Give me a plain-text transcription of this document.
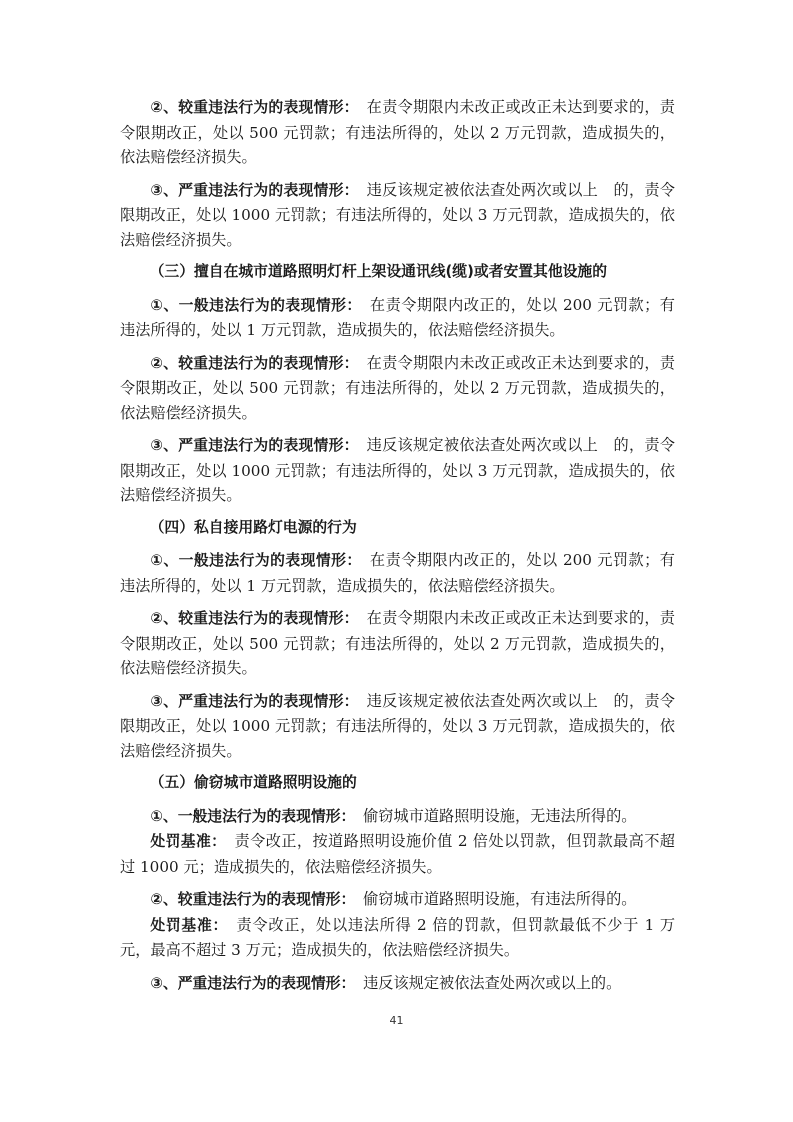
②、较重违法行为的表现情形：　在责令期限内未改正或改正未达到要求的，责令限期改正，处以 500 元罚款；有违法所得的，处以 2 万元罚款，造成损失的，依法赔偿经济损失。

③、严重违法行为的表现情形：　违反该规定被依法查处两次或以上　的，责令限期改正，处以 1000 元罚款；有违法所得的，处以 3 万元罚款，造成损失的，依法赔偿经济损失。

（三）擅自在城市道路照明灯杆上架设通讯线(缆)或者安置其他设施的

①、一般违法行为的表现情形：　在责令期限内改正的，处以 200 元罚款；有违法所得的，处以 1 万元罚款，造成损失的，依法赔偿经济损失。

②、较重违法行为的表现情形：　在责令期限内未改正或改正未达到要求的，责令限期改正，处以 500 元罚款；有违法所得的，处以 2 万元罚款，造成损失的，依法赔偿经济损失。

③、严重违法行为的表现情形：　违反该规定被依法查处两次或以上　的，责令限期改正，处以 1000 元罚款；有违法所得的，处以 3 万元罚款，造成损失的，依法赔偿经济损失。

（四）私自接用路灯电源的行为

①、一般违法行为的表现情形：　在责令期限内改正的，处以 200 元罚款；有违法所得的，处以 1 万元罚款，造成损失的，依法赔偿经济损失。

②、较重违法行为的表现情形：　在责令期限内未改正或改正未达到要求的，责令限期改正，处以 500 元罚款；有违法所得的，处以 2 万元罚款，造成损失的，依法赔偿经济损失。

③、严重违法行为的表现情形：　违反该规定被依法查处两次或以上　的，责令限期改正，处以 1000 元罚款；有违法所得的，处以 3 万元罚款，造成损失的，依法赔偿经济损失。

（五）偷窃城市道路照明设施的

①、一般违法行为的表现情形：　偷窃城市道路照明设施，无违法所得的。

处罚基准：　责令改正，按道路照明设施价值 2 倍处以罚款，但罚款最高不超过 1000 元；造成损失的，依法赔偿经济损失。

②、较重违法行为的表现情形：　偷窃城市道路照明设施，有违法所得的。

处罚基准：　责令改正，处以违法所得 2 倍的罚款，但罚款最低不少于 1 万元，最高不超过 3 万元；造成损失的，依法赔偿经济损失。

③、严重违法行为的表现情形：　违反该规定被依法查处两次或以上的。

41
